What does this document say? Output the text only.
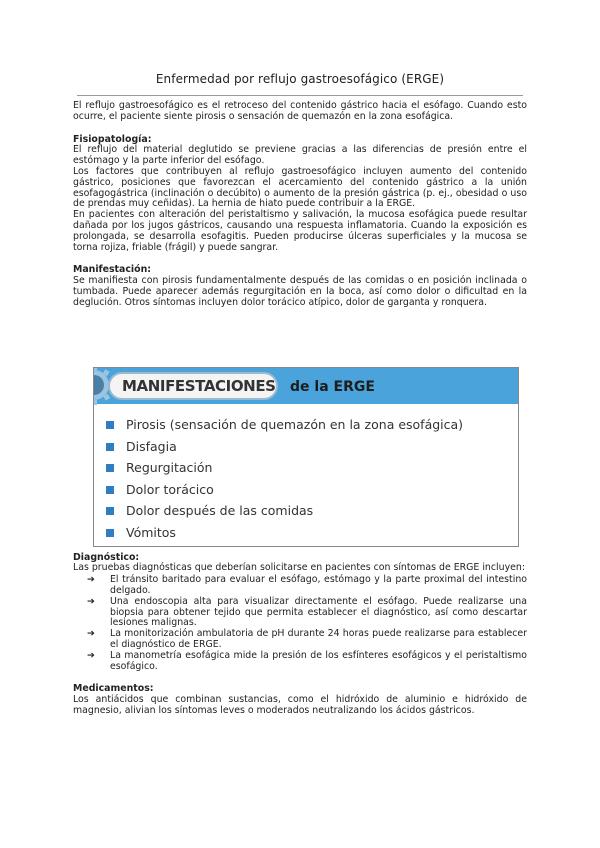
Enfermedad por reflujo gastroesofágico (ERGE)

El reflujo gastroesofágico es el retroceso del contenido gástrico hacia el esófago. Cuando esto ocurre, el paciente siente pirosis o sensación de quemazón en la zona esofágica.

Fisiopatología:

El reflujo del material deglutido se previene gracias a las diferencias de presión entre el estómago y la parte inferior del esófago.

Los factores que contribuyen al reflujo gastroesofágico incluyen aumento del contenido gástrico, posiciones que favorezcan el acercamiento del contenido gástrico a la unión esofagogástrica (inclinación o decúbito) o aumento de la presión gástrica (p. ej., obesidad o uso de prendas muy ceñidas). La hernia de hiato puede contribuir a la ERGE.

En pacientes con alteración del peristaltismo y salivación, la mucosa esofágica puede resultar dañada por los jugos gástricos, causando una respuesta inflamatoria. Cuando la exposición es prolongada, se desarrolla esofagitis. Pueden producirse úlceras superficiales y la mucosa se torna rojiza, friable (frágil) y puede sangrar.

Manifestación:

Se manifiesta con pirosis fundamentalmente después de las comidas o en posición inclinada o tumbada. Puede aparecer además regurgitación en la boca, así como dolor o dificultad en la deglución. Otros síntomas incluyen dolor torácico atípico, dolor de garganta y ronquera.

Diagnóstico:

Las pruebas diagnósticas que deberían solicitarse en pacientes con síntomas de ERGE incluyen:

➔ El tránsito baritado para evaluar el esófago, estómago y la parte proximal del intestino delgado.
➔ Una endoscopia alta para visualizar directamente el esófago. Puede realizarse una biopsia para obtener tejido que permita establecer el diagnóstico, así como descartar lesiones malignas.
➔ La monitorización ambulatoria de pH durante 24 horas puede realizarse para establecer el diagnóstico de ERGE.
➔ La manometría esofágica mide la presión de los esfínteres esofágicos y el peristaltismo esofágico.

Medicamentos:

Los antiácidos que combinan sustancias, como el hidróxido de aluminio e hidróxido de magnesio, alivian los síntomas leves o moderados neutralizando los ácidos gástricos.

MANIFESTACIONES de la ERGE
Pirosis (sensación de quemazón en la zona esofágica)
Disfagia
Regurgitación
Dolor torácico
Dolor después de las comidas
Vómitos
